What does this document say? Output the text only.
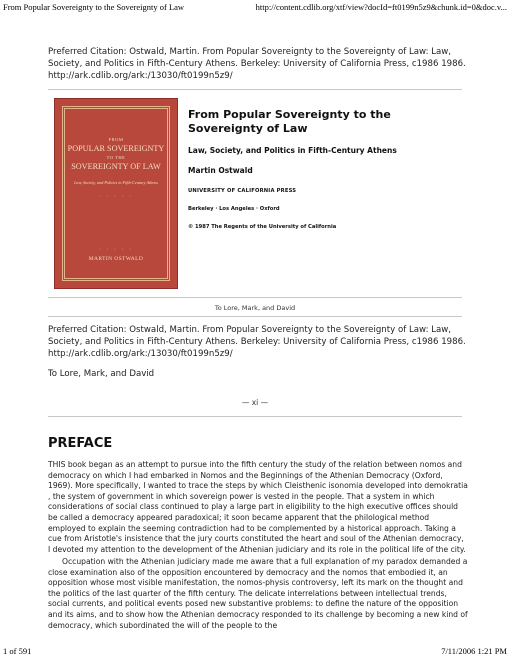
From Popular Sovereignty to the Sovereignty of Law	http://content.cdlib.org/xtf/view?docId=ft0199n5z9&chunk.id=0&doc.v...
Preferred Citation: Ostwald, Martin. From Popular Sovereignty to the Sovereignty of Law: Law, Society, and Politics in Fifth-Century Athens. Berkeley: University of California Press, c1986 1986. http://ark.cdlib.org/ark:/13030/ft0199n5z9/
FROM
POPULAR SOVEREIGNTY
TO THE
SOVEREIGNTY OF LAW
Law, Society, and Politics in Fifth-Century Athens
· · · · ·
· · · · ·
MARTIN OSTWALD
From Popular Sovereignty to the Sovereignty of Law
Law, Society, and Politics in Fifth-Century Athens
Martin Ostwald
UNIVERSITY OF CALIFORNIA PRESS
Berkeley · Los Angeles · Oxford
© 1987 The Regents of the University of California
To Lore, Mark, and David
Preferred Citation: Ostwald, Martin. From Popular Sovereignty to the Sovereignty of Law: Law, Society, and Politics in Fifth-Century Athens. Berkeley: University of California Press, c1986 1986. http://ark.cdlib.org/ark:/13030/ft0199n5z9/
To Lore, Mark, and David
— xi —
PREFACE
THIS book began as an attempt to pursue into the fifth century the study of the relation between nomos and democracy on which I had embarked in Nomos and the Beginnings of the Athenian Democracy (Oxford, 1969). More specifically, I wanted to trace the steps by which Cleisthenic isonomia developed into demokratia , the system of government in which sovereign power is vested in the people. That a system in which considerations of social class continued to play a large part in eligibility to the high executive offices should be called a democracy appeared paradoxical; it soon became apparent that the philological method employed to explain the seeming contradiction had to be complemented by a historical approach. Taking a cue from Aristotle's insistence that the jury courts constituted the heart and soul of the Athenian democracy, I devoted my attention to the development of the Athenian judiciary and its role in the political life of the city.
Occupation with the Athenian judiciary made me aware that a full explanation of my paradox demanded a close examination also of the opposition encountered by democracy and the nomos that embodied it, an opposition whose most visible manifestation, the nomos-physis controversy, left its mark on the thought and the politics of the last quarter of the fifth century. The delicate interrelations between intellectual trends, social currents, and political events posed new substantive problems: to define the nature of the opposition and its aims, and to show how the Athenian democracy responded to its challenge by becoming a new kind of democracy, which subordinated the will of the people to the
1 of 591	7/11/2006 1:21 PM
